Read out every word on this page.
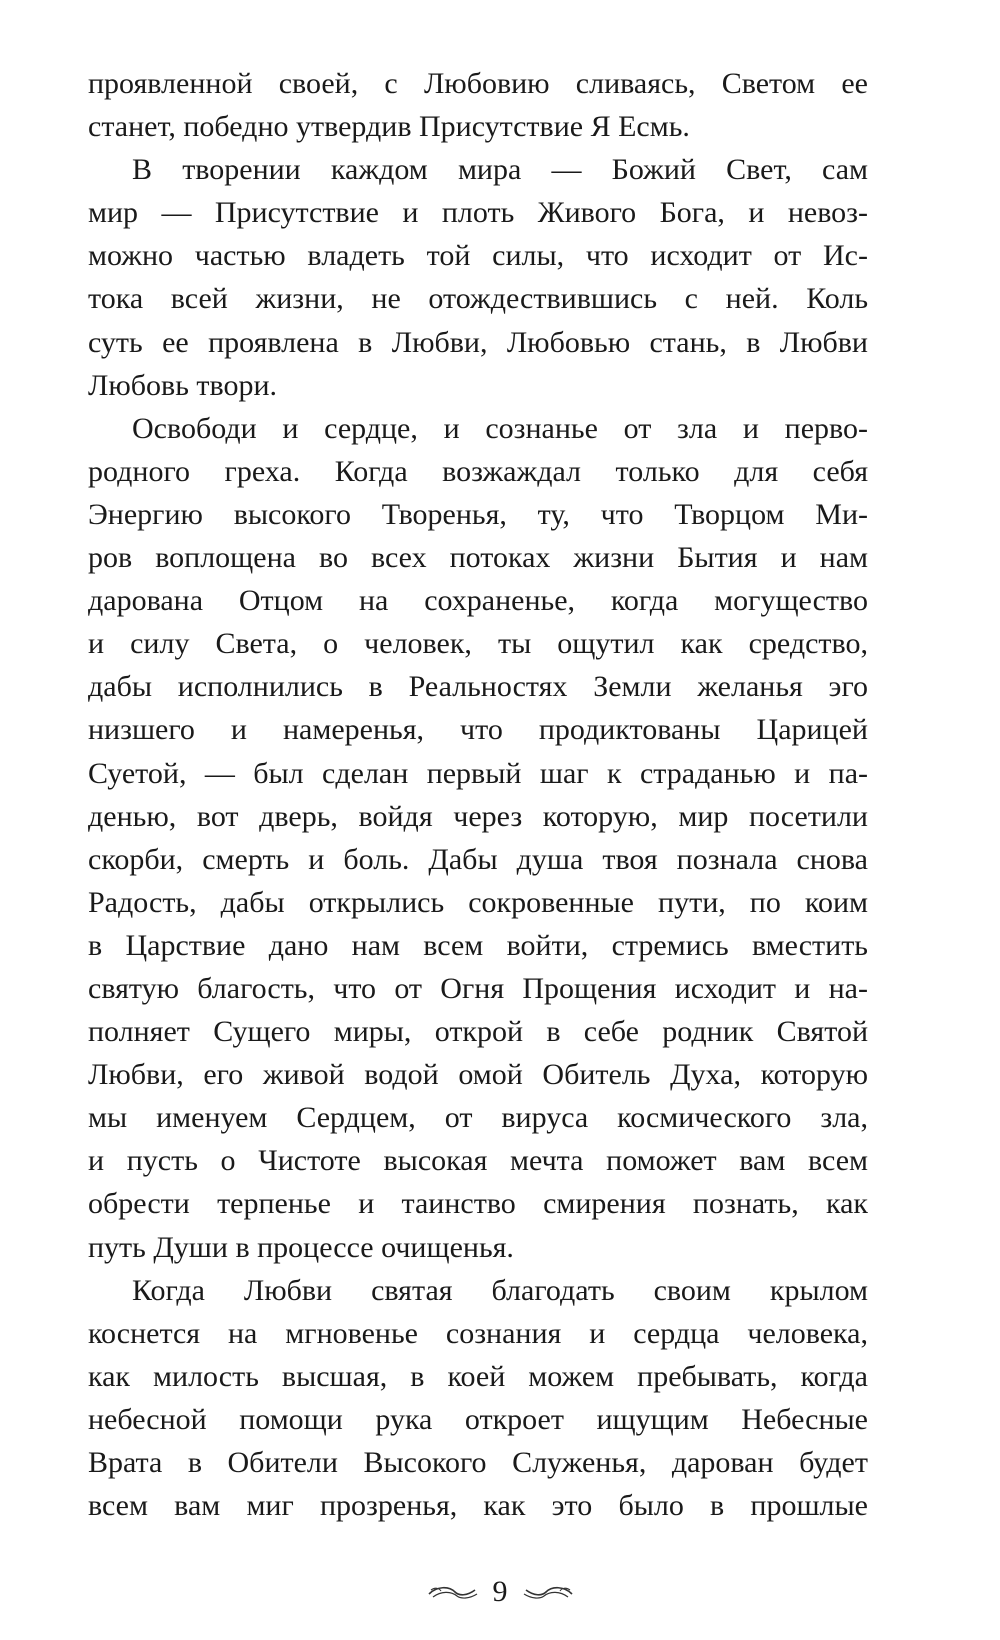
проявленной своей, с Любовию сливаясь, Светом ее
станет, победно утвердив Присутствие Я Есмь.
В творении каждом мира — Божий Свет, сам
мир — Присутствие и плоть Живого Бога, и невоз-
можно частью владеть той силы, что исходит от Ис-
тока всей жизни, не отождествившись с ней. Коль
суть ее проявлена в Любви, Любовью стань, в Любви
Любовь твори.
Освободи и сердце, и сознанье от зла и перво-
родного греха. Когда возжаждал только для себя
Энергию высокого Творенья, ту, что Творцом Ми-
ров воплощена во всех потоках жизни Бытия и нам
дарована Отцом на сохраненье, когда могущество
и силу Света, о человек, ты ощутил как средство,
дабы исполнились в Реальностях Земли желанья эго
низшего и намеренья, что продиктованы Царицей
Суетой, — был сделан первый шаг к страданью и па-
денью, вот дверь, войдя через которую, мир посетили
скорби, смерть и боль. Дабы душа твоя познала снова
Радость, дабы открылись сокровенные пути, по коим
в Царствие дано нам всем войти, стремись вместить
святую благость, что от Огня Прощения исходит и на-
полняет Сущего миры, открой в себе родник Святой
Любви, его живой водой омой Обитель Духа, которую
мы именуем Сердцем, от вируса космического зла,
и пусть о Чистоте высокая мечта поможет вам всем
обрести терпенье и таинство смирения познать, как
путь Души в процессе очищенья.
Когда Любви святая благодать своим крылом
коснется на мгновенье сознания и сердца человека,
как милость высшая, в коей можем пребывать, когда
небесной помощи рука откроет ищущим Небесные
Врата в Обители Высокого Служенья, дарован будет
всем вам миг прозренья, как это было в прошлые
9
